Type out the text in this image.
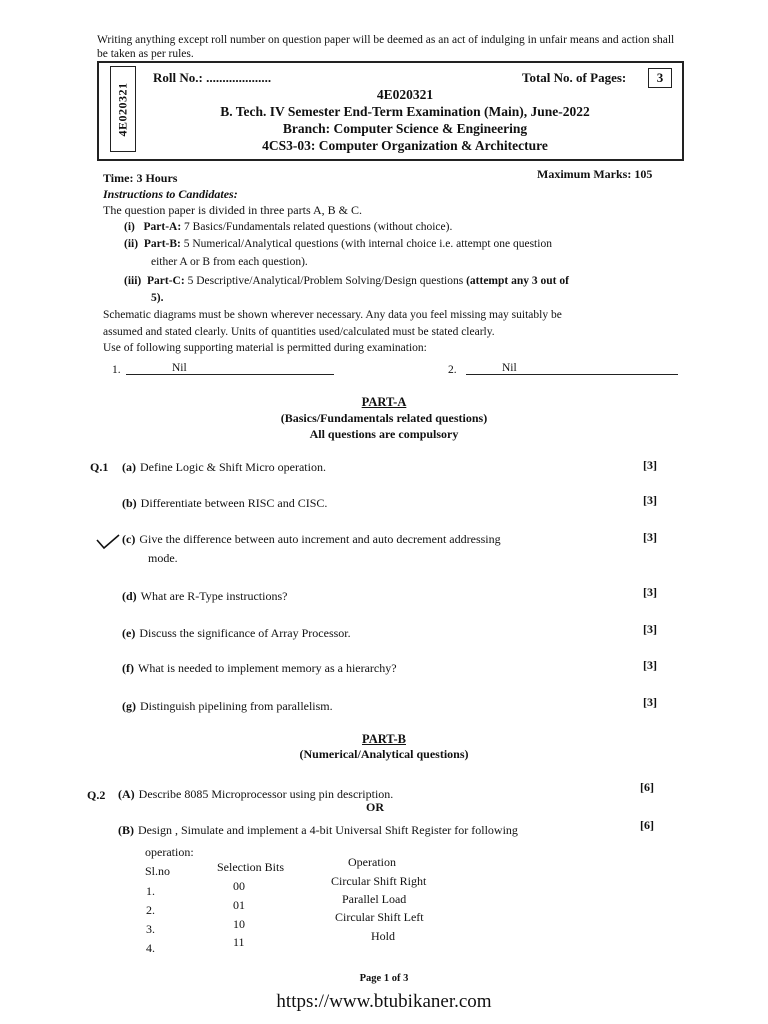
Writing anything except roll number on question paper will be deemed as an act of indulging in unfair means and action shall be taken as per rules.
4E020321
Roll No.: ....................	Total No. of Pages:	3
4E020321
B. Tech. IV Semester End-Term Examination (Main), June-2022
Branch: Computer Science & Engineering
4CS3-03: Computer Organization & Architecture
Time: 3 Hours	Maximum Marks: 105
Instructions to Candidates:
The question paper is divided in three parts A, B & C.
(i) Part-A: 7 Basics/Fundamentals related questions (without choice).
(ii) Part-B: 5 Numerical/Analytical questions (with internal choice i.e. attempt one question
either A or B from each question).
(iii) Part-C: 5 Descriptive/Analytical/Problem Solving/Design questions (attempt any 3 out of
5).
Schematic diagrams must be shown wherever necessary. Any data you feel missing may suitably be
assumed and stated clearly. Units of quantities used/calculated must be stated clearly.
Use of following supporting material is permitted during examination:
1.	Nil	2.	Nil
PART-A
(Basics/Fundamentals related questions)
All questions are compulsory
Q.1 (a) Define Logic & Shift Micro operation.	[3]
(b) Differentiate between RISC and CISC.	[3]
(c) Give the difference between auto increment and auto decrement addressing
mode.
[3]
(d) What are R-Type instructions?	[3]
(e) Discuss the significance of Array Processor.	[3]
(f) What is needed to implement memory as a hierarchy?	[3]
(g) Distinguish pipelining from parallelism.	[3]
PART-B
(Numerical/Analytical questions)
Q.2 (A) Describe 8085 Microprocessor using pin description.	[6]
OR
(B) Design , Simulate and implement a 4-bit Universal Shift Register for following	[6]
operation:
Sl.no	Selection Bits	Operation
1.	00	Circular Shift Right
2.	01	Parallel Load
3.	10	Circular Shift Left
4.	11	Hold
Page 1 of 3
https://www.btubikaner.com
